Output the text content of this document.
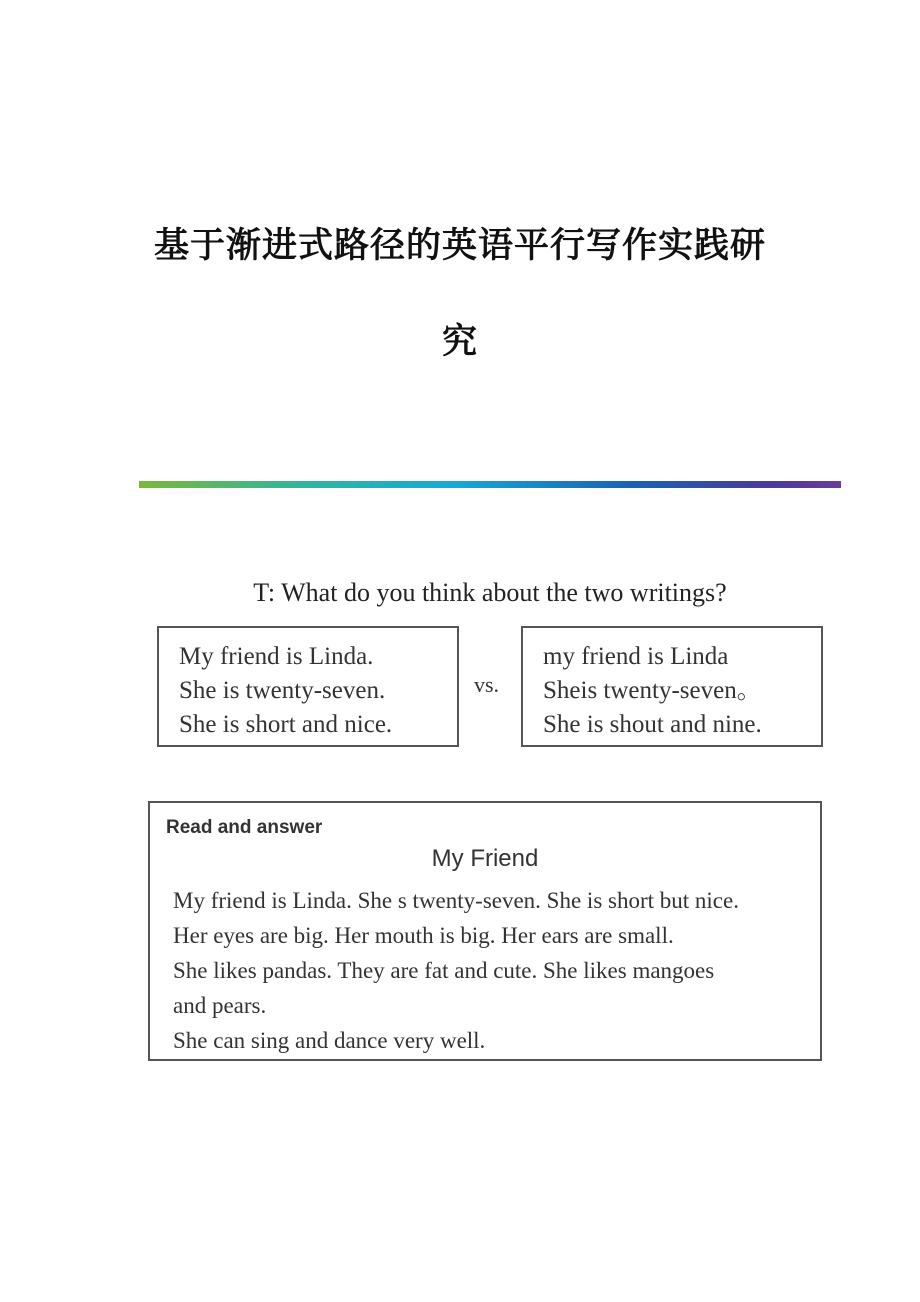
基于渐进式路径的英语平行写作实践研
究
T: What do you think about the two writings?
My friend is Linda.
She is twenty-seven.
She is short and nice.
vs.
my friend is Linda
Sheis twenty-seven。
She is shout and nine.
Read and answer
My Friend
My friend is Linda. She s twenty-seven. She is short but nice.
Her eyes are big. Her mouth is big. Her ears are small.
She likes pandas. They are fat and cute. She likes mangoes
and pears.
She can sing and dance very well.
